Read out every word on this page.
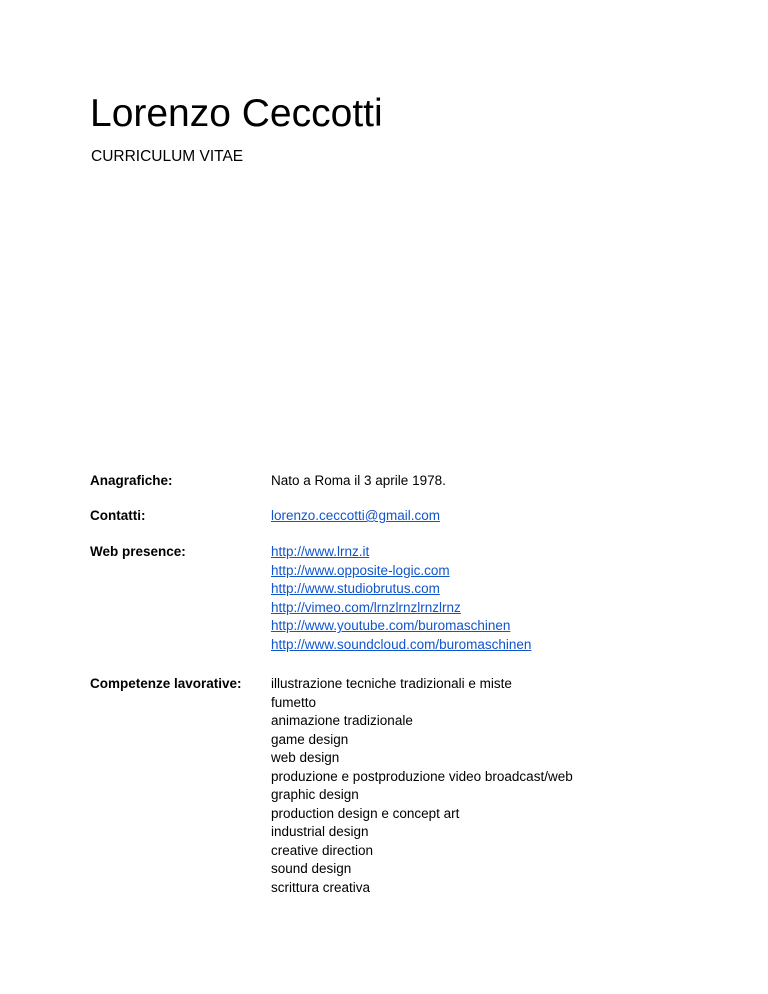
Lorenzo Ceccotti
CURRICULUM VITAE
Anagrafiche:	Nato a Roma il 3 aprile 1978.
Contatti:	lorenzo.ceccotti@gmail.com
Web presence:	http://www.lrnz.it
http://www.opposite-logic.com
http://www.studiobrutus.com
http://vimeo.com/lrnzlrnzlrnzlrnz
http://www.youtube.com/buromaschinen
http://www.soundcloud.com/buromaschinen
Competenze lavorative: illustrazione tecniche tradizionali e miste
fumetto
animazione tradizionale
game design
web design
produzione e postproduzione video broadcast/web
graphic design
production design e concept art
industrial design
creative direction
sound design
scrittura creativa
